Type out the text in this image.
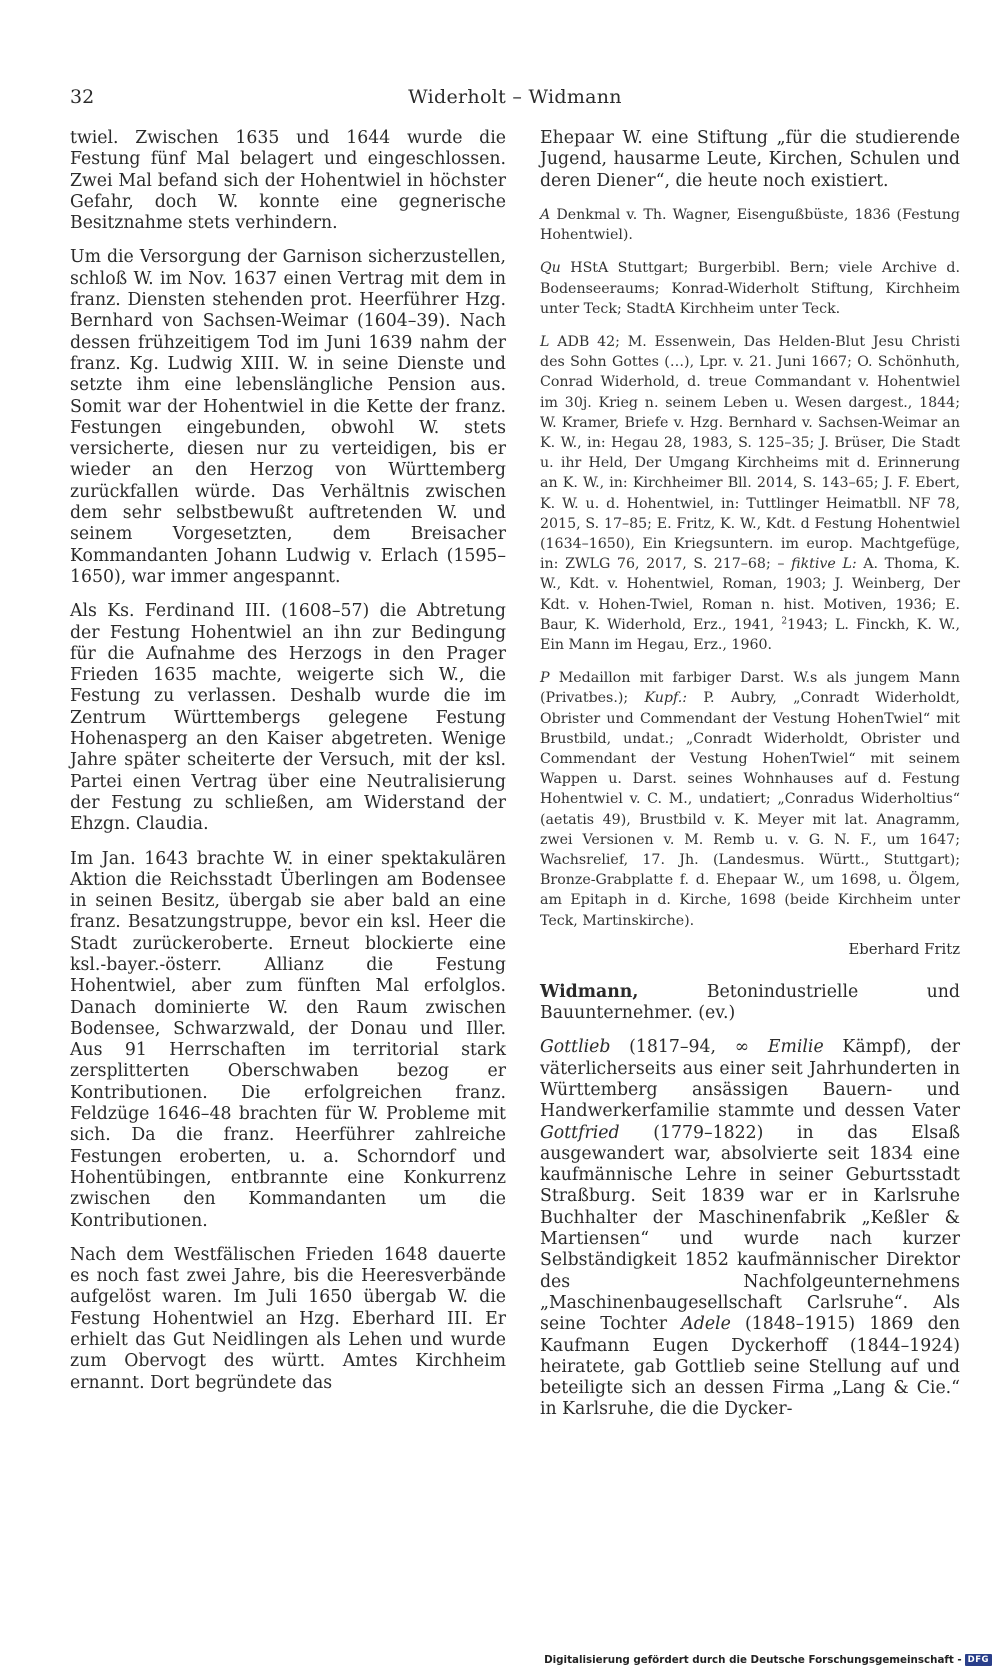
32	Widerholt – Widmann

twiel. Zwischen 1635 und 1644 wurde die Festung fünf Mal belagert und eingeschlossen. Zwei Mal befand sich der Hohentwiel in höchster Gefahr, doch W. konnte eine gegnerische Besitznahme stets verhindern.

Um die Versorgung der Garnison sicherzustellen, schloß W. im Nov. 1637 einen Vertrag mit dem in franz. Diensten stehenden prot. Heerführer Hzg. Bernhard von Sachsen-Weimar (1604–39). Nach dessen frühzeitigem Tod im Juni 1639 nahm der franz. Kg. Ludwig XIII. W. in seine Dienste und setzte ihm eine lebenslängliche Pension aus. Somit war der Hohentwiel in die Kette der franz. Festungen eingebunden, obwohl W. stets versicherte, diesen nur zu verteidigen, bis er wieder an den Herzog von Württemberg zurückfallen würde. Das Verhältnis zwischen dem sehr selbstbewußt auftretenden W. und seinem Vorgesetzten, dem Breisacher Kommandanten Johann Ludwig v. Erlach (1595–1650), war immer angespannt.

Als Ks. Ferdinand III. (1608–57) die Abtretung der Festung Hohentwiel an ihn zur Bedingung für die Aufnahme des Herzogs in den Prager Frieden 1635 machte, weigerte sich W., die Festung zu verlassen. Deshalb wurde die im Zentrum Württembergs gelegene Festung Hohenasperg an den Kaiser abgetreten. Wenige Jahre später scheiterte der Versuch, mit der ksl. Partei einen Vertrag über eine Neutralisierung der Festung zu schließen, am Widerstand der Ehzgn. Claudia.

Im Jan. 1643 brachte W. in einer spektakulären Aktion die Reichsstadt Überlingen am Bodensee in seinen Besitz, übergab sie aber bald an eine franz. Besatzungstruppe, bevor ein ksl. Heer die Stadt zurückeroberte. Erneut blockierte eine ksl.-bayer.-österr. Allianz die Festung Hohentwiel, aber zum fünften Mal erfolglos. Danach dominierte W. den Raum zwischen Bodensee, Schwarzwald, der Donau und Iller. Aus 91 Herrschaften im territorial stark zersplitterten Oberschwaben bezog er Kontributionen. Die erfolgreichen franz. Feldzüge 1646–48 brachten für W. Probleme mit sich. Da die franz. Heerführer zahlreiche Festungen eroberten, u. a. Schorndorf und Hohentübingen, entbrannte eine Konkurrenz zwischen den Kommandanten um die Kontributionen.

Nach dem Westfälischen Frieden 1648 dauerte es noch fast zwei Jahre, bis die Heeresverbände aufgelöst waren. Im Juli 1650 übergab W. die Festung Hohentwiel an Hzg. Eberhard III. Er erhielt das Gut Neidlingen als Lehen und wurde zum Obervogt des württ. Amtes Kirchheim ernannt. Dort begründete das

Ehepaar W. eine Stiftung „für die studierende Jugend, hausarme Leute, Kirchen, Schulen und deren Diener“, die heute noch existiert.

A Denkmal v. Th. Wagner, Eisengußbüste, 1836 (Festung Hohentwiel).

Qu HStA Stuttgart; Burgerbibl. Bern; viele Archive d. Bodenseeraums; Konrad-Widerholt Stiftung, Kirchheim unter Teck; StadtA Kirchheim unter Teck.

L ADB 42; M. Essenwein, Das Helden-Blut Jesu Christi des Sohn Gottes (…), Lpr. v. 21. Juni 1667; O. Schönhuth, Conrad Widerhold, d. treue Commandant v. Hohentwiel im 30j. Krieg n. seinem Leben u. Wesen dargest., 1844; W. Kramer, Briefe v. Hzg. Bernhard v. Sachsen-Weimar an K. W., in: Hegau 28, 1983, S. 125–35; J. Brüser, Die Stadt u. ihr Held, Der Umgang Kirchheims mit d. Erinnerung an K. W., in: Kirchheimer Bll. 2014, S. 143–65; J. F. Ebert, K. W. u. d. Hohentwiel, in: Tuttlinger Heimatbll. NF 78, 2015, S. 17–85; E. Fritz, K. W., Kdt. d Festung Hohentwiel (1634–1650), Ein Kriegsuntern. im europ. Machtgefüge, in: ZWLG 76, 2017, S. 217–68; – fiktive L: A. Thoma, K. W., Kdt. v. Hohentwiel, Roman, 1903; J. Weinberg, Der Kdt. v. Hohen-Twiel, Roman n. hist. Motiven, 1936; E. Baur, K. Widerhold, Erz., 1941, $^2$1943; L. Finckh, K. W., Ein Mann im Hegau, Erz., 1960.

P Medaillon mit farbiger Darst. W.s als jungem Mann (Privatbes.); Kupf.: P. Aubry, „Conradt Widerholdt, Obrister und Commendant der Vestung HohenTwiel“ mit Brustbild, undat.; „Conradt Widerholdt, Obrister und Commendant der Vestung HohenTwiel“ mit seinem Wappen u. Darst. seines Wohnhauses auf d. Festung Hohentwiel v. C. M., undatiert; „Conradus Widerholtius“ (aetatis 49), Brustbild v. K. Meyer mit lat. Anagramm, zwei Versionen v. M. Remb u. v. G. N. F., um 1647; Wachsrelief, 17. Jh. (Landesmus. Württ., Stuttgart); Bronze-Grabplatte f. d. Ehepaar W., um 1698, u. Ölgem, am Epitaph in d. Kirche, 1698 (beide Kirchheim unter Teck, Martinskirche).

Eberhard Fritz

Widmann, Betonindustrielle und Bauunternehmer. (ev.)

Gottlieb (1817–94, ∞ Emilie Kämpf), der väterlicherseits aus einer seit Jahrhunderten in Württemberg ansässigen Bauern- und Handwerkerfamilie stammte und dessen Vater Gottfried (1779–1822) in das Elsaß ausgewandert war, absolvierte seit 1834 eine kaufmännische Lehre in seiner Geburtsstadt Straßburg. Seit 1839 war er in Karlsruhe Buchhalter der Maschinenfabrik „Keßler & Martiensen“ und wurde nach kurzer Selbständigkeit 1852 kaufmännischer Direktor des Nachfolgeunternehmens „Maschinenbaugesellschaft Carlsruhe“. Als seine Tochter Adele (1848–1915) 1869 den Kaufmann Eugen Dyckerhoff (1844–1924) heiratete, gab Gottlieb seine Stellung auf und beteiligte sich an dessen Firma „Lang & Cie.“ in Karlsruhe, die die Dycker-

Digitalisierung gefördert durch die Deutsche Forschungsgemeinschaft - DFG
